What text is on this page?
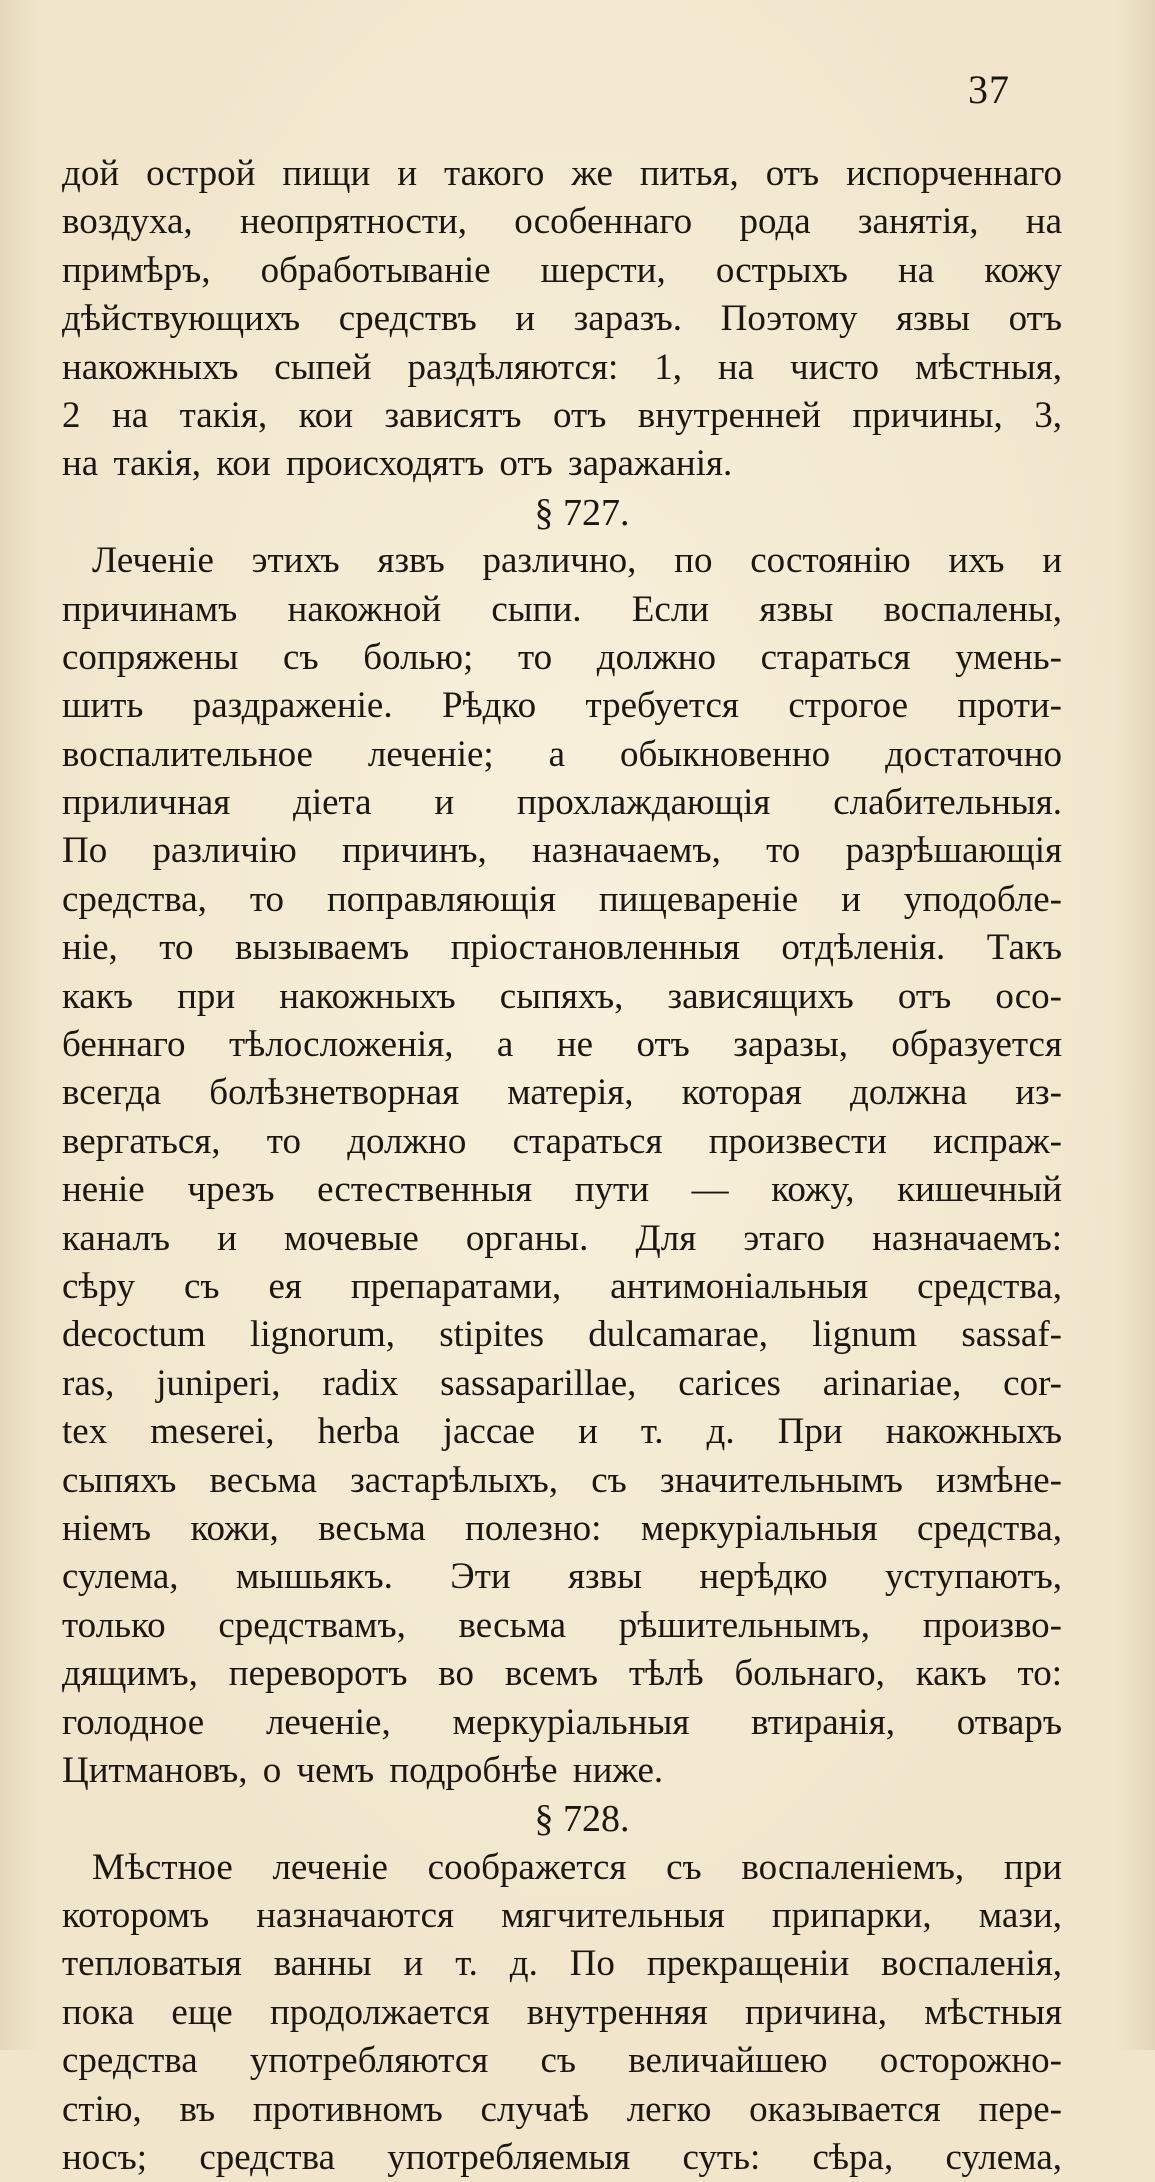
37
дой острой пищи и такого же питья, отъ испорченнаго
воздуха, неопрятности, особеннаго рода занятія, на
примѣръ, обработываніе шерсти, острыхъ на кожу
дѣйствующихъ средствъ и заразъ. Поэтому язвы отъ
накожныхъ сыпей раздѣляются: 1, на чисто мѣстныя,
2 на такія, кои зависятъ отъ внутренней причины, 3,
на такія, кои происходятъ отъ заражанія.
§ 727.
Леченіе этихъ язвъ различно, по состоянію ихъ и
причинамъ накожной сыпи. Если язвы воспалены,
сопряжены съ болью; то должно стараться умень-
шить раздраженіе. Рѣдко требуется строгое проти-
воспалительное леченіе; а обыкновенно достаточно
приличная діета и прохлаждающія слабительныя.
По различію причинъ, назначаемъ, то разрѣшающія
средства, то поправляющія пищевареніе и уподобле-
ніе, то вызываемъ пріостановленныя отдѣленія. Такъ
какъ при накожныхъ сыпяхъ, зависящихъ отъ осо-
беннаго тѣлосложенія, а не отъ заразы, образуется
всегда болѣзнетворная матерія, которая должна из-
вергаться, то должно стараться произвести испраж-
неніе чрезъ естественныя пути — кожу, кишечный
каналъ и мочевые органы. Для этаго назначаемъ:
сѣру съ ея препаратами, антимоніальныя средства,
decoctum lignorum, stipites dulcamarae, lignum sassaf-
ras, juniperi, radix sassaparillae, carices arinariae, cor-
tex meserei, herba jaccae и т. д. При накожныхъ
сыпяхъ весьма застарѣлыхъ, съ значительнымъ измѣне-
ніемъ кожи, весьма полезно: меркуріальныя средства,
сулема, мышьякъ. Эти язвы нерѣдко уступаютъ,
только средствамъ, весьма рѣшительнымъ, произво-
дящимъ, переворотъ во всемъ тѣлѣ больнаго, какъ то:
голодное леченіе, меркуріальныя втиранія, отваръ
Цитмановъ, о чемъ подробнѣе ниже.
§ 728.
Мѣстное леченіе соображется съ воспаленіемъ, при
которомъ назначаются мягчительныя припарки, мази,
тепловатыя ванны и т. д. По прекращеніи воспаленія,
пока еще продолжается внутренняя причина, мѣстныя
средства употребляются съ величайшею осторожно-
стію, въ противномъ случаѣ легко оказывается пере-
носъ; средства употребляемыя суть: сѣра, сулема,
